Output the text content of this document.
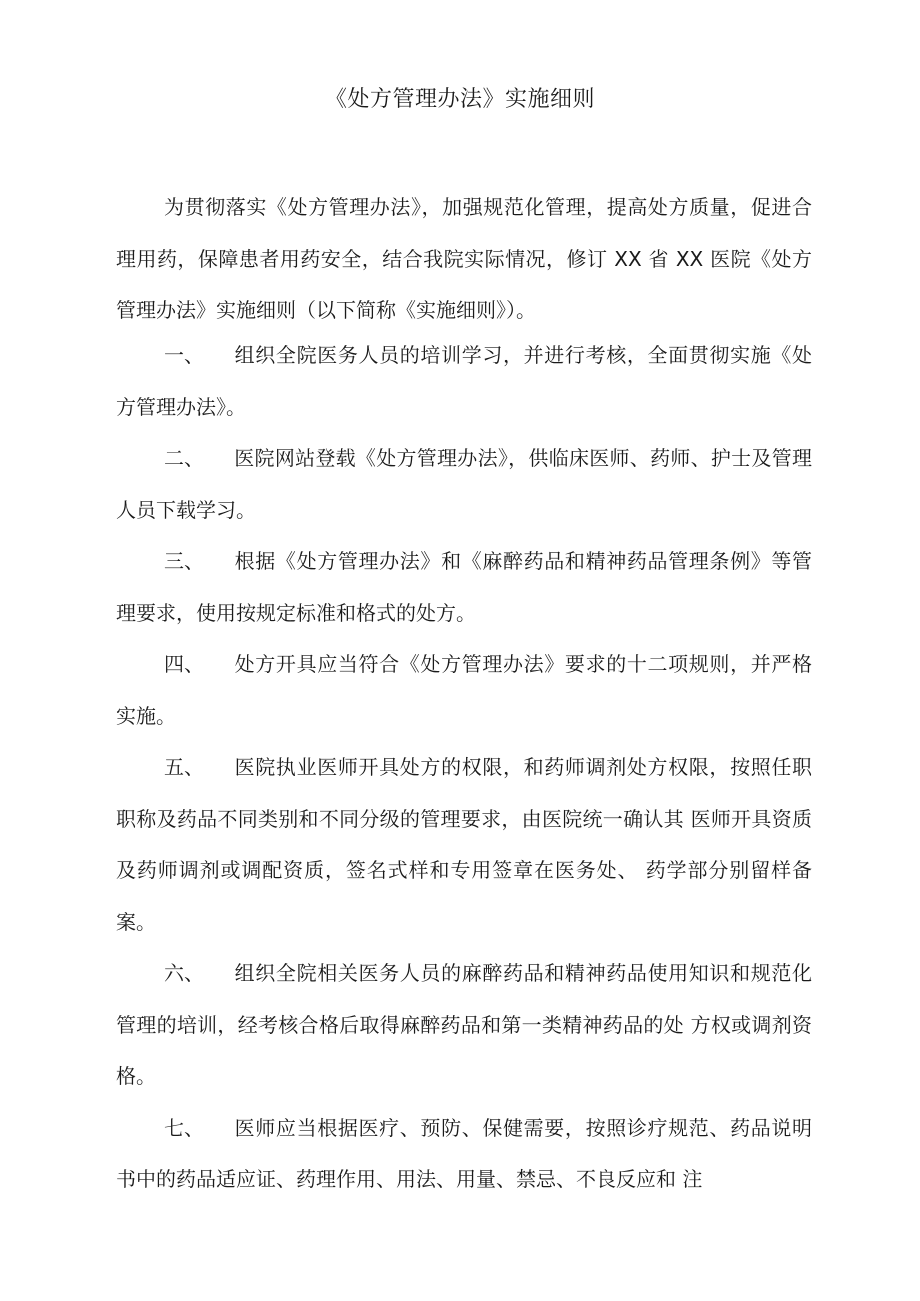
《处方管理办法》实施细则

为贯彻落实《处方管理办法》，加强规范化管理，提高处方质量，促进合理用药，保障患者用药安全，结合我院实际情况，修订 XX 省 XX 医院《处方管理办法》实施细则（以下简称《实施细则》）。

一、 组织全院医务人员的培训学习，并进行考核，全面贯彻实施《处方管理办法》。
二、 医院网站登载《处方管理办法》，供临床医师、药师、护士及管理人员下载学习。
三、 根据《处方管理办法》和《麻醉药品和精神药品管理条例》等管理要求，使用按规定标准和格式的处方。
四、 处方开具应当符合《处方管理办法》要求的十二项规则，并严格实施。
五、 医院执业医师开具处方的权限，和药师调剂处方权限，按照任职职称及药品不同类别和不同分级的管理要求，由医院统一确认其 医师开具资质及药师调剂或调配资质，签名式样和专用签章在医务处、 药学部分别留样备案。
六、 组织全院相关医务人员的麻醉药品和精神药品使用知识和规范化管理的培训，经考核合格后取得麻醉药品和第一类精神药品的处 方权或调剂资格。
七、 医师应当根据医疗、预防、保健需要，按照诊疗规范、药品说明书中的药品适应证、药理作用、用法、用量、禁忌、不良反应和 注
